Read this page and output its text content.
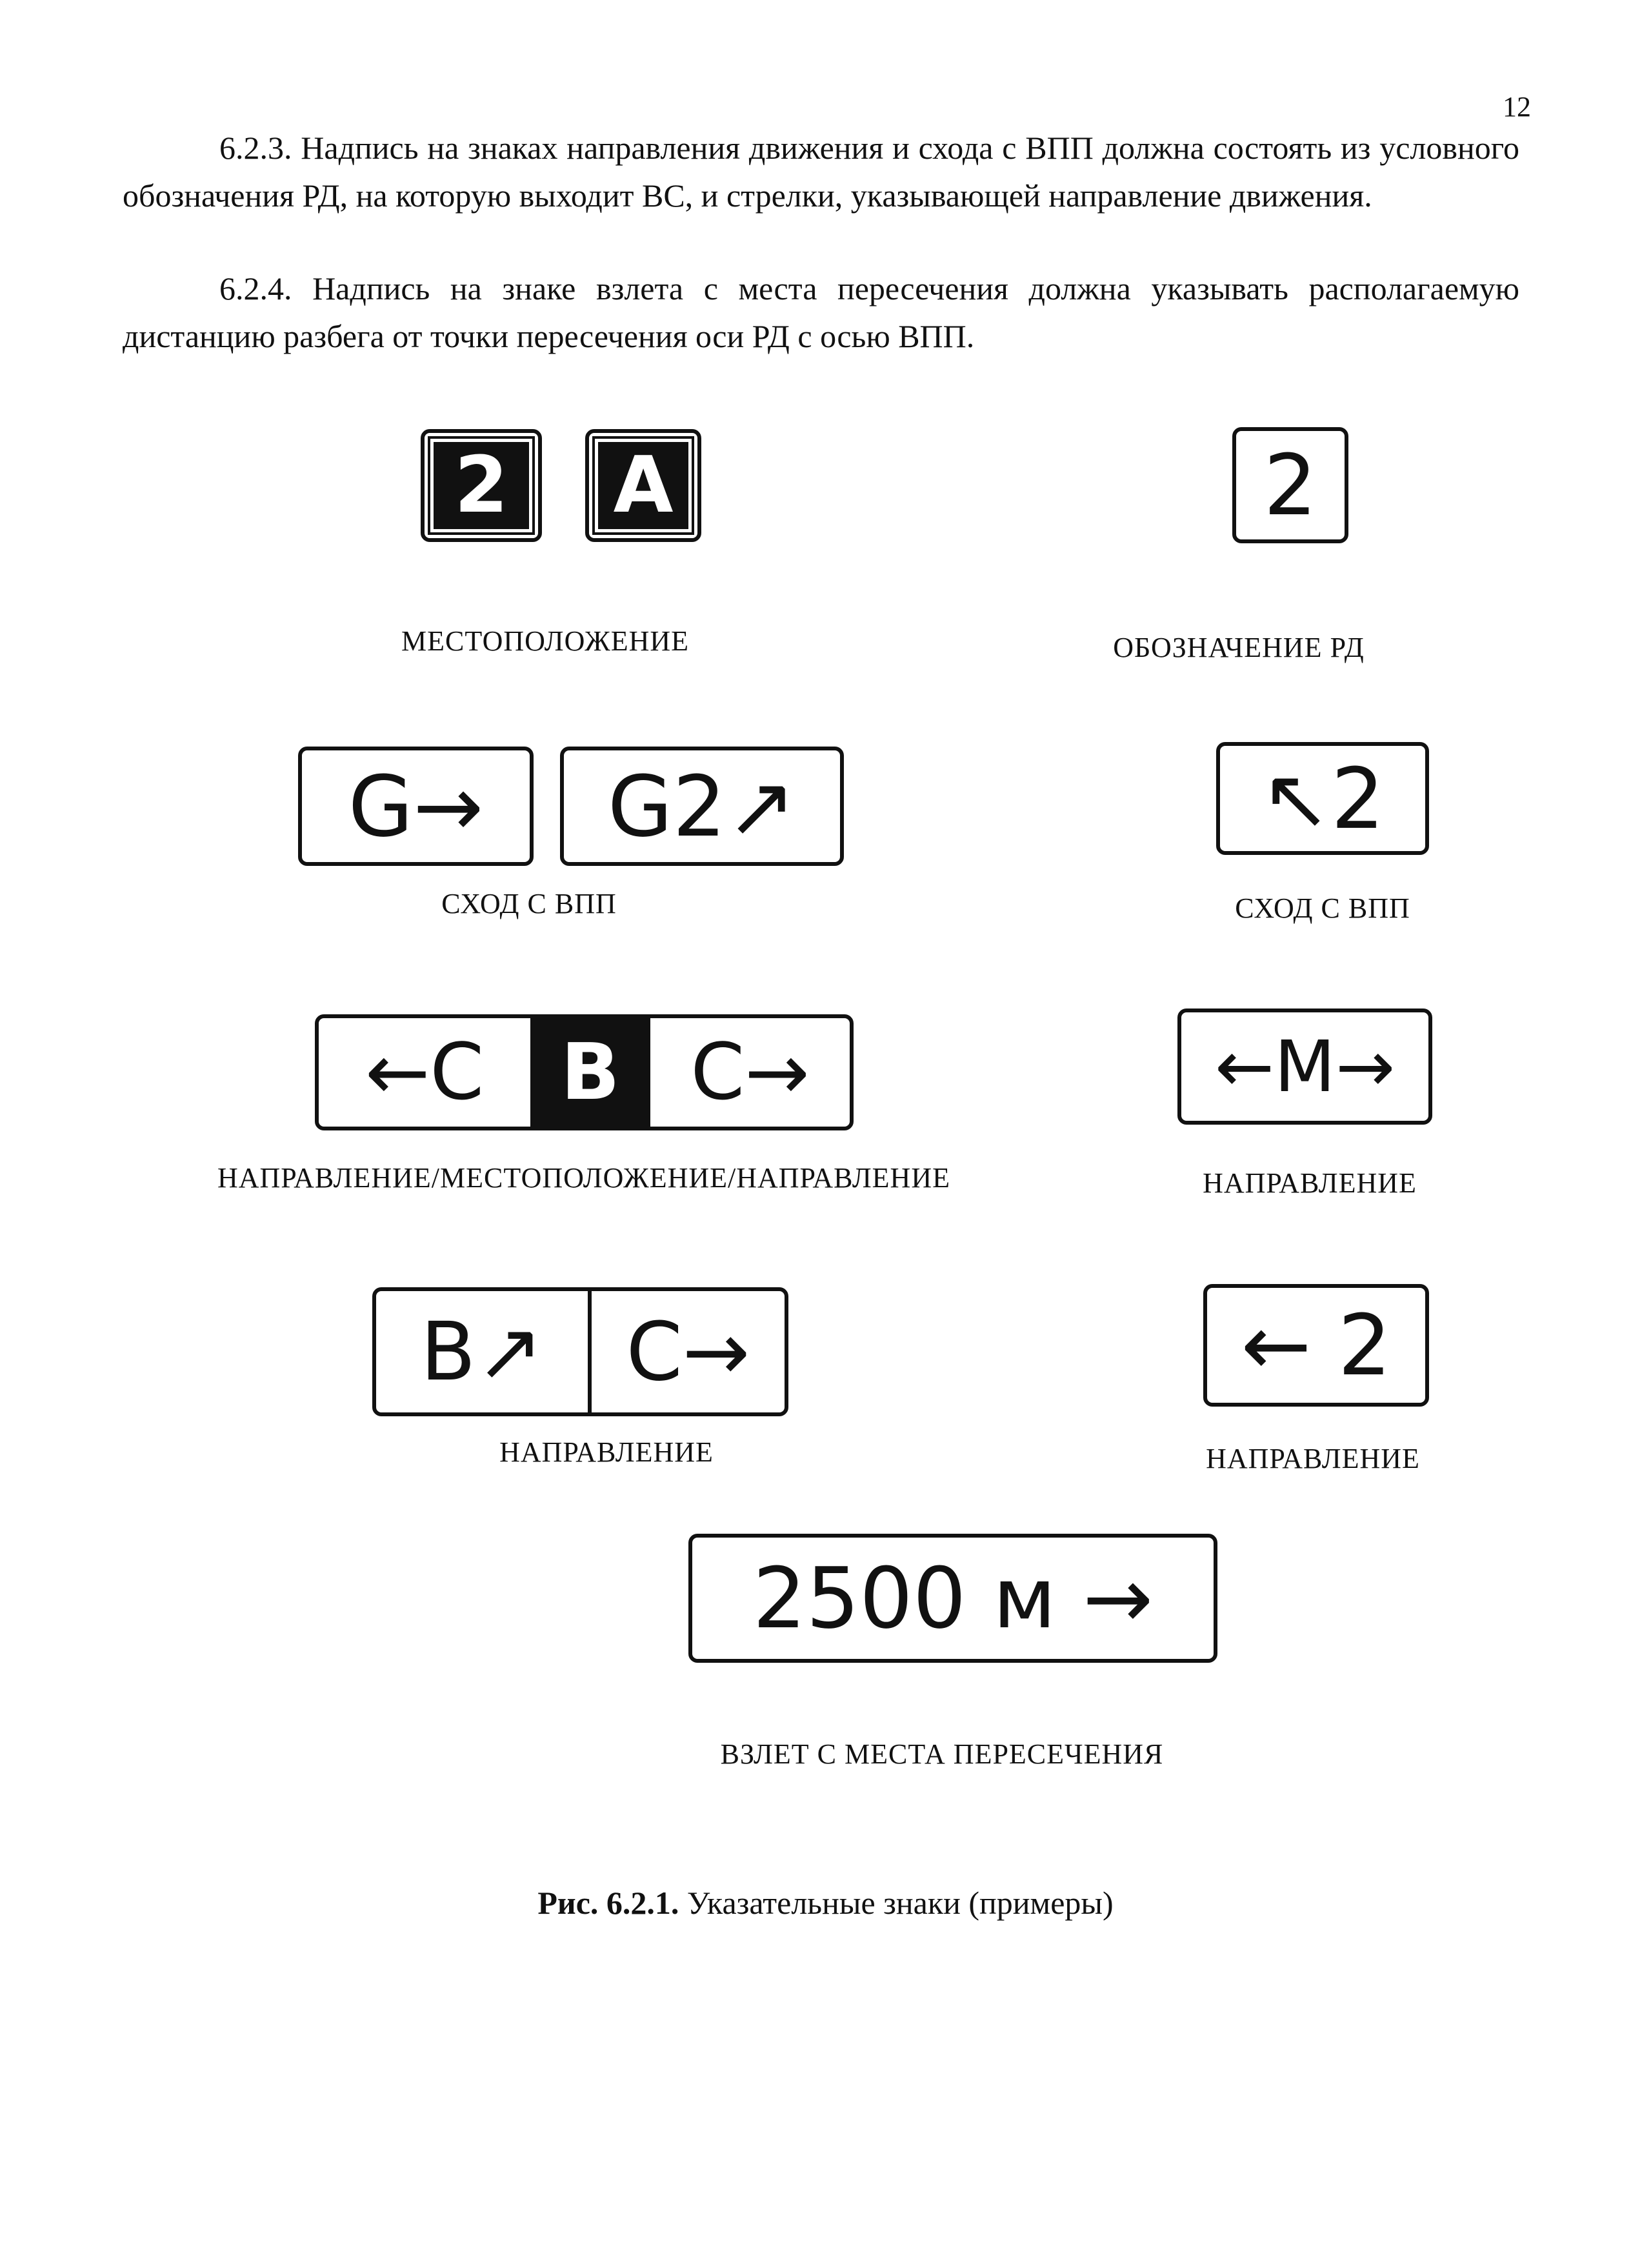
12

6.2.3. Надпись на знаках направления движения и схода с ВПП должна состоять из условного обозначения РД, на которую выходит ВС, и стрелки, указывающей направление движения.

6.2.4. Надпись на знаке взлета с места пересечения должна указывать располагаемую дистанцию разбега от точки пересечения оси РД с осью ВПП.

2	A	2
МЕСТОПОЛОЖЕНИЕ	ОБОЗНАЧЕНИЕ РД
G→	G2↗	↖2
СХОД С ВПП	СХОД С ВПП
←C B C→	←M→
НАПРАВЛЕНИЕ/МЕСТОПОЛОЖЕНИЕ/НАПРАВЛЕНИЕ	НАПРАВЛЕНИЕ
B↗	C→	← 2
НАПРАВЛЕНИЕ	НАПРАВЛЕНИЕ
2500 м →
ВЗЛЕТ С МЕСТА ПЕРЕСЕЧЕНИЯ
Рис. 6.2.1. Указательные знаки (примеры)
